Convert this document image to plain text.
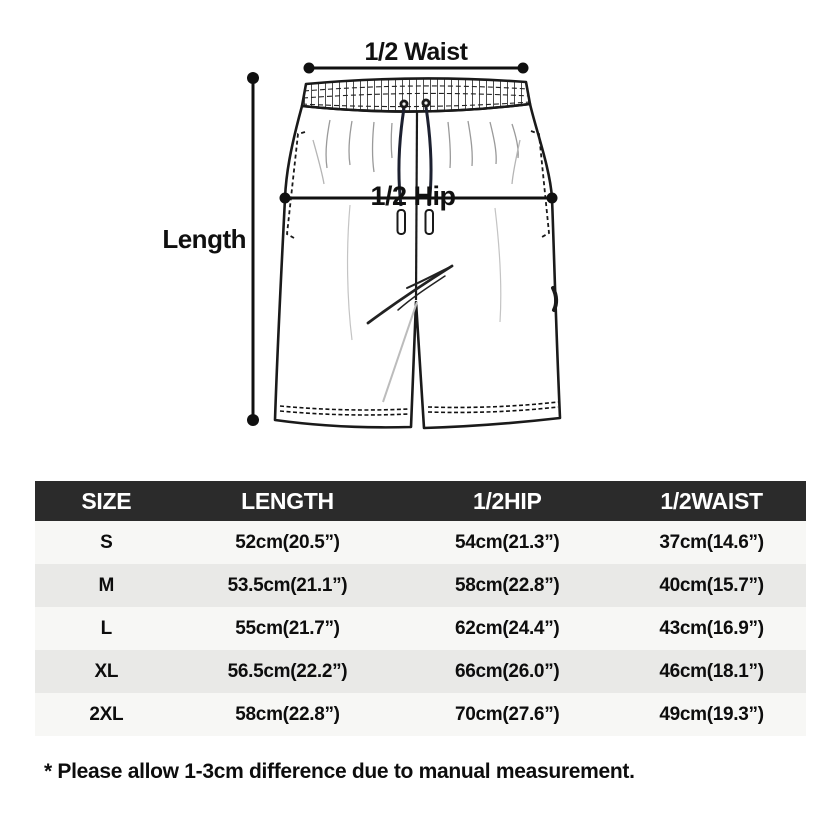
1/2 Waist
Length
1/2 Hip
SIZE	LENGTH	1/2HIP	1/2WAIST
S	52cm(20.5”)	54cm(21.3”)	37cm(14.6”)
M	53.5cm(21.1”)	58cm(22.8”)	40cm(15.7”)
L	55cm(21.7”)	62cm(24.4”)	43cm(16.9”)
XL	56.5cm(22.2”)	66cm(26.0”)	46cm(18.1”)
2XL	58cm(22.8”)	70cm(27.6”)	49cm(19.3”)
* Please allow 1-3cm difference due to manual measurement.
